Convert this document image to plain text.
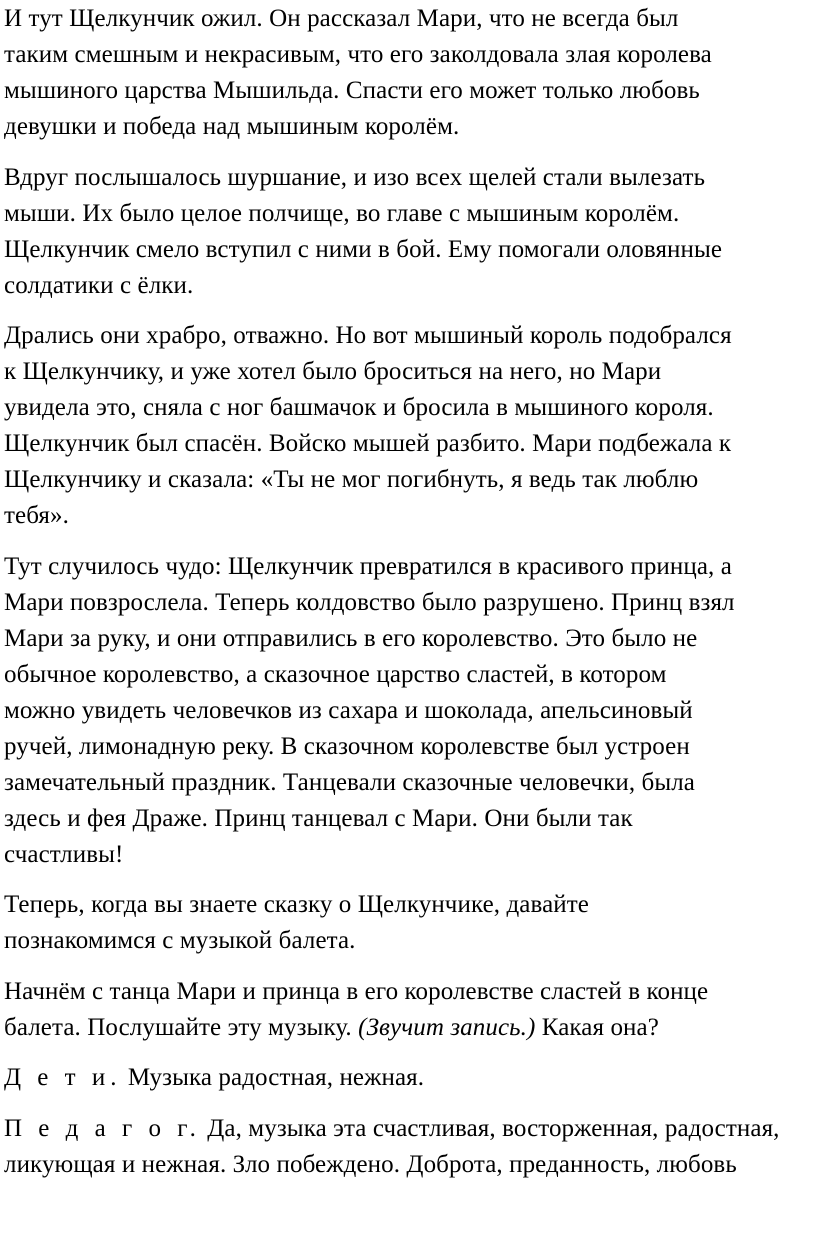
И тут Щелкунчик ожил. Он рассказал Мари, что не всегда был
таким смешным и некрасивым, что его заколдовала злая королева
мышиного царства Мышильда. Спасти его может только любовь
девушки и победа над мышиным королём.
Вдруг послышалось шуршание, и изо всех щелей стали вылезать
мыши. Их было целое полчище, во главе с мышиным королём.
Щелкунчик смело вступил с ними в бой. Ему помогали оловянные
солдатики с ёлки.
Дрались они храбро, отважно. Но вот мышиный король подобрался
к Щелкунчику, и уже хотел было броситься на него, но Мари
увидела это, сняла с ног башмачок и бросила в мышиного короля.
Щелкунчик был спасён. Войско мышей разбито. Мари подбежала к
Щелкунчику и сказала: «Ты не мог погибнуть, я ведь так люблю
тебя».
Тут случилось чудо: Щелкунчик превратился в красивого принца, а
Мари повзрослела. Теперь колдовство было разрушено. Принц взял
Мари за руку, и они отправились в его королевство. Это было не
обычное королевство, а сказочное царство сластей, в котором
можно увидеть человечков из сахара и шоколада, апельсиновый
ручей, лимонадную реку. В сказочном королевстве был устроен
замечательный праздник. Танцевали сказочные человечки, была
здесь и фея Драже. Принц танцевал с Мари. Они были так
счастливы!
Теперь, когда вы знаете сказку о Щелкунчике, давайте
познакомимся с музыкой балета.
Начнём с танца Мари и принца в его королевстве сластей в конце
балета. Послушайте эту музыку. (Звучит запись.) Какая она?
Д е т и. Музыка радостная, нежная.
П е д а г о г. Да, музыка эта счастливая, восторженная, радостная,
ликующая и нежная. Зло побеждено. Доброта, преданность, любовь
